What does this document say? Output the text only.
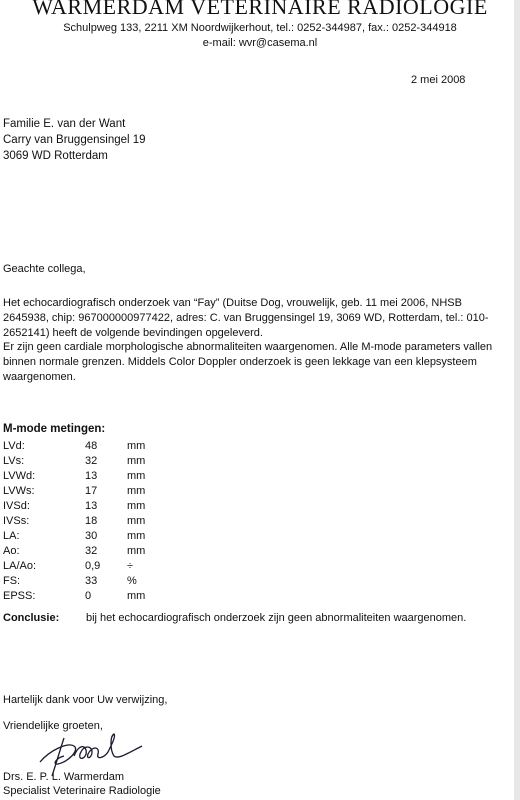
WARMERDAM VETERINAIRE RADIOLOGIE
Schulpweg 133, 2211 XM Noordwijkerhout, tel.: 0252-344987, fax.: 0252-344918
e-mail: wvr@casema.nl
2 mei 2008
Familie E. van der Want
Carry van Bruggensingel 19
3069 WD Rotterdam
Geachte collega,
Het echocardiografisch onderzoek van “Fay” (Duitse Dog, vrouwelijk, geb. 11 mei 2006, NHSB
2645938, chip: 967000000977422, adres: C. van Bruggensingel 19, 3069 WD, Rotterdam, tel.: 010-
2652141) heeft de volgende bevindingen opgeleverd.
Er zijn geen cardiale morphologische abnormaliteiten waargenomen. Alle M-mode parameters vallen
binnen normale grenzen. Middels Color Doppler onderzoek is geen lekkage van een klepsysteem
waargenomen.
M-mode metingen:
LVd:	48	mm
LVs:	32	mm
LVWd:	13	mm
LVWs:	17	mm
IVSd:	13	mm
IVSs:	18	mm
LA:	30	mm
Ao:	32	mm
LA/Ao:	0,9 ÷
FS:	33	%
EPSS:	0	mm
Conclusie: bij het echocardiografisch onderzoek zijn geen abnormaliteiten waargenomen.
Hartelijk dank voor Uw verwijzing,
Vriendelijke groeten,
Drs. E. P. L. Warmerdam
Specialist Veterinaire Radiologie
